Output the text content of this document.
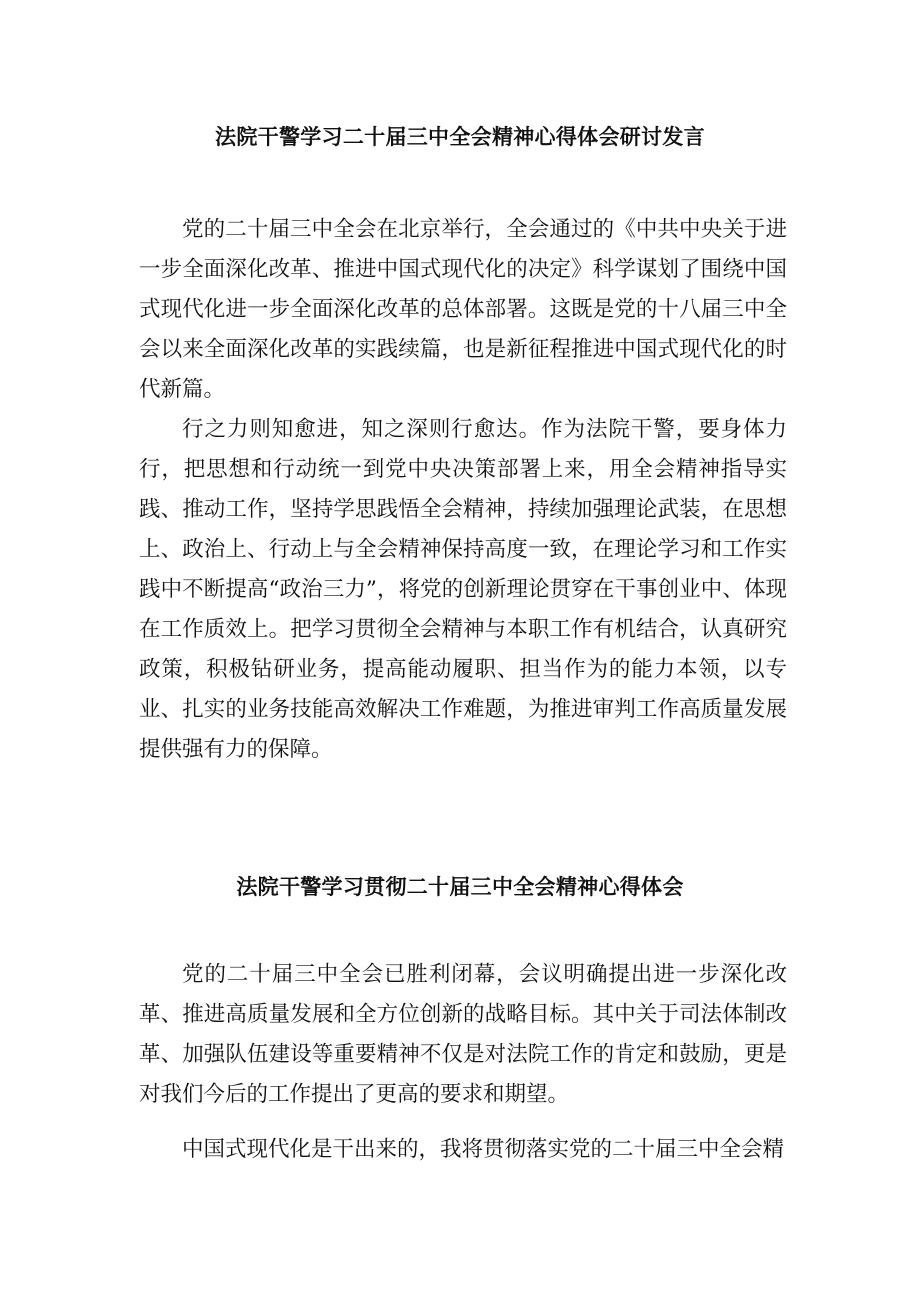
法院干警学习二十届三中全会精神心得体会研讨发言

党的二十届三中全会在北京举行，全会通过的《中共中央关于进一步全面深化改革、推进中国式现代化的决定》科学谋划了围绕中国式现代化进一步全面深化改革的总体部署。这既是党的十八届三中全会以来全面深化改革的实践续篇，也是新征程推进中国式现代化的时代新篇。

行之力则知愈进，知之深则行愈达。作为法院干警，要身体力行，把思想和行动统一到党中央决策部署上来，用全会精神指导实践、推动工作，坚持学思践悟全会精神，持续加强理论武装，在思想上、政治上、行动上与全会精神保持高度一致，在理论学习和工作实践中不断提高“政治三力”，将党的创新理论贯穿在干事创业中、体现在工作质效上。把学习贯彻全会精神与本职工作有机结合，认真研究政策，积极钻研业务，提高能动履职、担当作为的能力本领，以专业、扎实的业务技能高效解决工作难题，为推进审判工作高质量发展提供强有力的保障。

法院干警学习贯彻二十届三中全会精神心得体会

党的二十届三中全会已胜利闭幕，会议明确提出进一步深化改革、推进高质量发展和全方位创新的战略目标。其中关于司法体制改革、加强队伍建设等重要精神不仅是对法院工作的肯定和鼓励，更是对我们今后的工作提出了更高的要求和期望。

中国式现代化是干出来的，我将贯彻落实党的二十届三中全会精
